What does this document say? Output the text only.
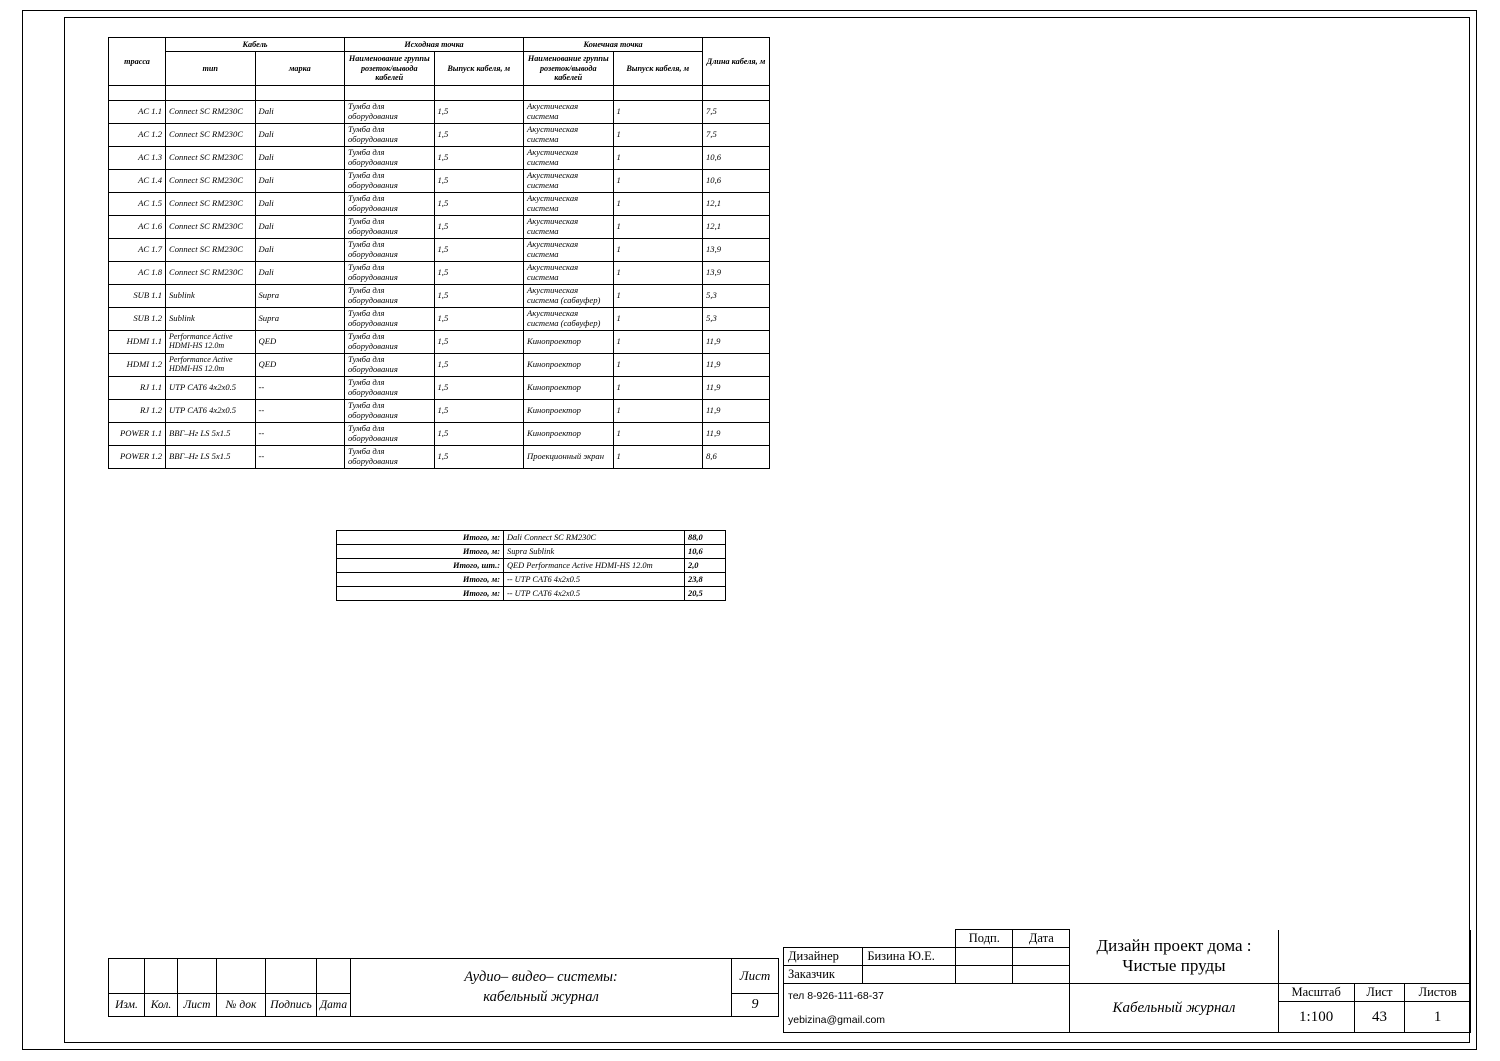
трасса	Кабель		Исходная точка		Конечная точка		Длина кабеля, м
	тип	марка	Наименование группы розеток/вывода кабелей	Выпуск кабеля, м	Наименование группы розеток/вывода кабелей	Выпуск кабеля, м	

AC 1.1	Connect SC RM230C	Dali	Тумба для оборудования	1,5	Акустическая система	1	7,5
AC 1.2	Connect SC RM230C	Dali	Тумба для оборудования	1,5	Акустическая система	1	7,5
AC 1.3	Connect SC RM230C	Dali	Тумба для оборудования	1,5	Акустическая система	1	10,6
AC 1.4	Connect SC RM230C	Dali	Тумба для оборудования	1,5	Акустическая система	1	10,6
AC 1.5	Connect SC RM230C	Dali	Тумба для оборудования	1,5	Акустическая система	1	12,1
AC 1.6	Connect SC RM230C	Dali	Тумба для оборудования	1,5	Акустическая система	1	12,1
AC 1.7	Connect SC RM230C	Dali	Тумба для оборудования	1,5	Акустическая система	1	13,9
AC 1.8	Connect SC RM230C	Dali	Тумба для оборудования	1,5	Акустическая система	1	13,9
SUB 1.1	Sublink	Supra	Тумба для оборудования	1,5	Акустическая система (сабвуфер)	1	5,3
SUB 1.2	Sublink	Supra	Тумба для оборудования	1,5	Акустическая система (сабвуфер)	1	5,3
HDMI 1.1	Performance Active HDMI-HS 12.0m	QED	Тумба для оборудования	1,5	Кинопроектор	1	11,9
HDMI 1.2	Performance Active HDMI-HS 12.0m	QED	Тумба для оборудования	1,5	Кинопроектор	1	11,9
RJ 1.1	UTP CAT6 4x2x0.5	--	Тумба для оборудования	1,5	Кинопроектор	1	11,9
RJ 1.2	UTP CAT6 4x2x0.5	--	Тумба для оборудования	1,5	Кинопроектор	1	11,9
POWER 1.1	ВВГ–Нг LS 5x1.5	--	Тумба для оборудования	1,5	Кинопроектор	1	11,9
POWER 1.2	ВВГ–Нг LS 5x1.5	--	Тумба для оборудования	1,5	Проекционный экран	1	8,6
Итого, м:	Dali Connect SC RM230C	88,0
Итого, м:	Supra Sublink	10,6
Итого, шт.:	QED Performance Active HDMI-HS 12.0m	2,0
Итого, м:	-- UTP CAT6 4x2x0.5	23,8
Итого, м:	-- UTP CAT6 4x2x0.5	20,5

						Аудио– видео– системы:
кабельный журнал	Лист
Изм.	Кол.	Лист	№ док	Подпись	Дата		9
		Подп.	Дата	Дизайн проект дома : Чистые пруды			

Дизайнер	Бизина Ю.Е.						
Заказчик							

тел 8-926-111-68-37
yebizina@gmail.com				Кабельный журнал	Масштаб	Лист	Листов
					1:100	43	1
